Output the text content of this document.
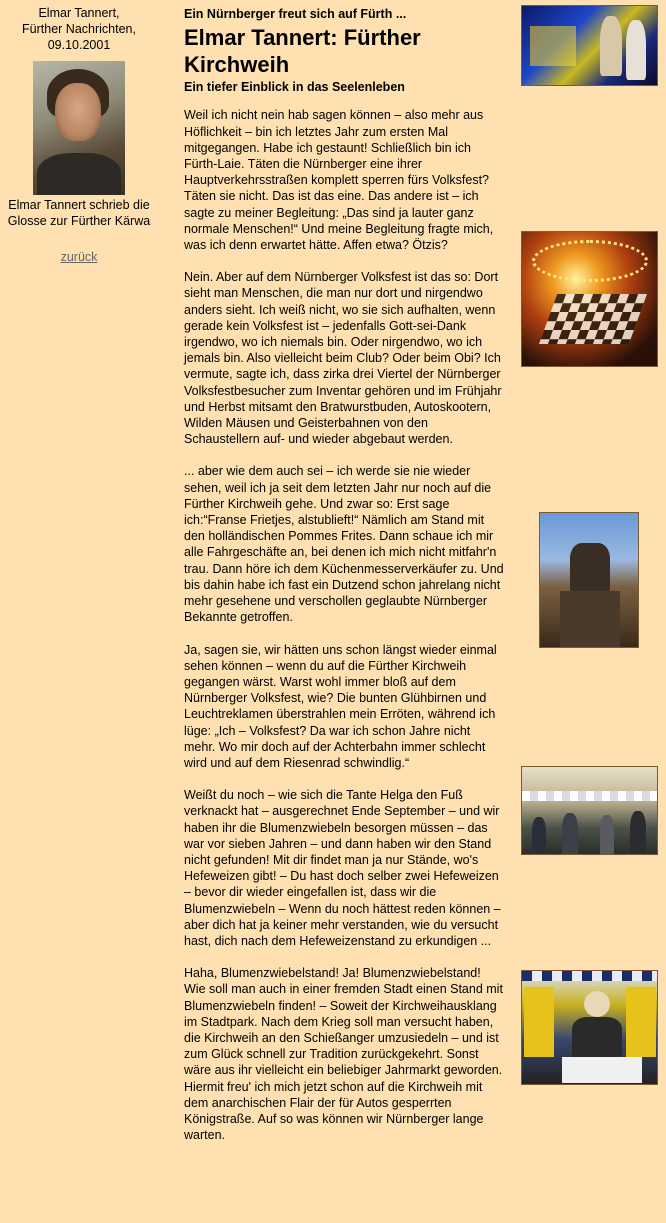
Elmar Tannert,
Fürther Nachrichten,
09.10.2001
Elmar Tannert schrieb die Glosse zur Fürther Kärwa
zurück
Ein Nürnberger freut sich auf Fürth ...
Elmar Tannert: Fürther Kirchweih
Ein tiefer Einblick in das Seelenleben

Weil ich nicht nein hab sagen können – also mehr aus Höflichkeit – bin ich letztes Jahr zum ersten Mal mitgegangen. Habe ich gestaunt! Schließlich bin ich Fürth-Laie. Täten die Nürnberger eine ihrer Hauptverkehrsstraßen komplett sperren fürs Volksfest? Täten sie nicht. Das ist das eine. Das andere ist – ich sagte zu meiner Begleitung: „Das sind ja lauter ganz normale Menschen!“ Und meine Begleitung fragte mich, was ich denn erwartet hätte. Affen etwa? Ötzis?

Nein. Aber auf dem Nürnberger Volksfest ist das so: Dort sieht man Menschen, die man nur dort und nirgendwo anders sieht. Ich weiß nicht, wo sie sich aufhalten, wenn gerade kein Volksfest ist – jedenfalls Gott-sei-Dank irgendwo, wo ich niemals bin. Oder nirgendwo, wo ich jemals bin. Also vielleicht beim Club? Oder beim Obi? Ich vermute, sagte ich, dass zirka drei Viertel der Nürnberger Volksfestbesucher zum Inventar gehören und im Frühjahr und Herbst mitsamt den Bratwurstbuden, Autoskootern, Wilden Mäusen und Geisterbahnen von den Schaustellern auf- und wieder abgebaut werden.

... aber wie dem auch sei – ich werde sie nie wieder sehen, weil ich ja seit dem letzten Jahr nur noch auf die Fürther Kirchweih gehe. Und zwar so: Erst sage ich:“Franse Frietjes, alstublieft!“ Nämlich am Stand mit den holländischen Pommes Frites. Dann schaue ich mir alle Fahrgeschäfte an, bei denen ich mich nicht mitfahr'n trau. Dann höre ich dem Küchenmesserverkäufer zu. Und bis dahin habe ich fast ein Dutzend schon jahrelang nicht mehr gesehene und verschollen geglaubte Nürnberger Bekannte getroffen.

Ja, sagen sie, wir hätten uns schon längst wieder einmal sehen können – wenn du auf die Fürther Kirchweih gegangen wärst. Warst wohl immer bloß auf dem Nürnberger Volksfest, wie? Die bunten Glühbirnen und Leuchtreklamen überstrahlen mein Erröten, während ich lüge: „Ich – Volksfest? Da war ich schon Jahre nicht mehr. Wo mir doch auf der Achterbahn immer schlecht wird und auf dem Riesenrad schwindlig.“

Weißt du noch – wie sich die Tante Helga den Fuß verknackt hat – ausgerechnet Ende September – und wir haben ihr die Blumenzwiebeln besorgen müssen – das war vor sieben Jahren – und dann haben wir den Stand nicht gefunden! Mit dir findet man ja nur Stände, wo's Hefeweizen gibt! – Du hast doch selber zwei Hefeweizen – bevor dir wieder eingefallen ist, dass wir die Blumenzwiebeln – Wenn du noch hättest reden können – aber dich hat ja keiner mehr verstanden, wie du versucht hast, dich nach dem Hefeweizenstand zu erkundigen ...

Haha, Blumenzwiebelstand! Ja! Blumenzwiebelstand! Wie soll man auch in einer fremden Stadt einen Stand mit Blumenzwiebeln finden! – Soweit der Kirchweihausklang im Stadtpark. Nach dem Krieg soll man versucht haben, die Kirchweih an den Schießanger umzusiedeln – und ist zum Glück schnell zur Tradition zurückgekehrt. Sonst wäre aus ihr vielleicht ein beliebiger Jahrmarkt geworden. Hiermit freu' ich mich jetzt schon auf die Kirchweih mit dem anarchischen Flair der für Autos gesperrten Königstraße. Auf so was können wir Nürnberger lange warten.
